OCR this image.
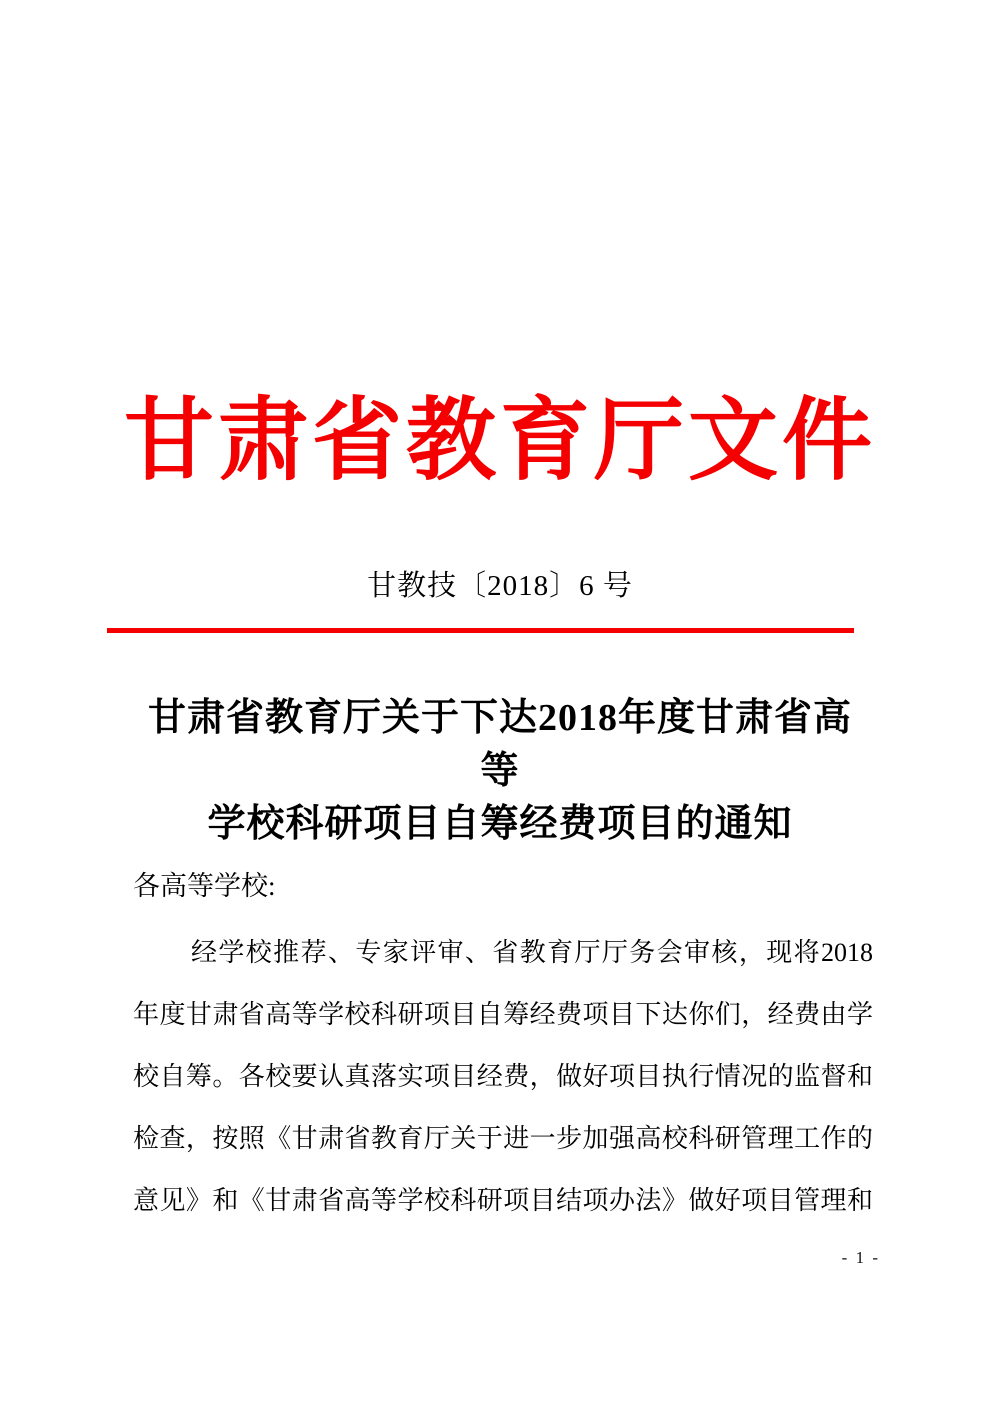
甘肃省教育厅文件
甘教技〔2018〕6 号
甘肃省教育厅关于下达2018年度甘肃省高等
学校科研项目自筹经费项目的通知
各高等学校:
经学校推荐、专家评审、省教育厅厅务会审核，现将2018
年度甘肃省高等学校科研项目自筹经费项目下达你们，经费由学
校自筹。各校要认真落实项目经费，做好项目执行情况的监督和
检查，按照《甘肃省教育厅关于进一步加强高校科研管理工作的
意见》和《甘肃省高等学校科研项目结项办法》做好项目管理和
- 1 -
